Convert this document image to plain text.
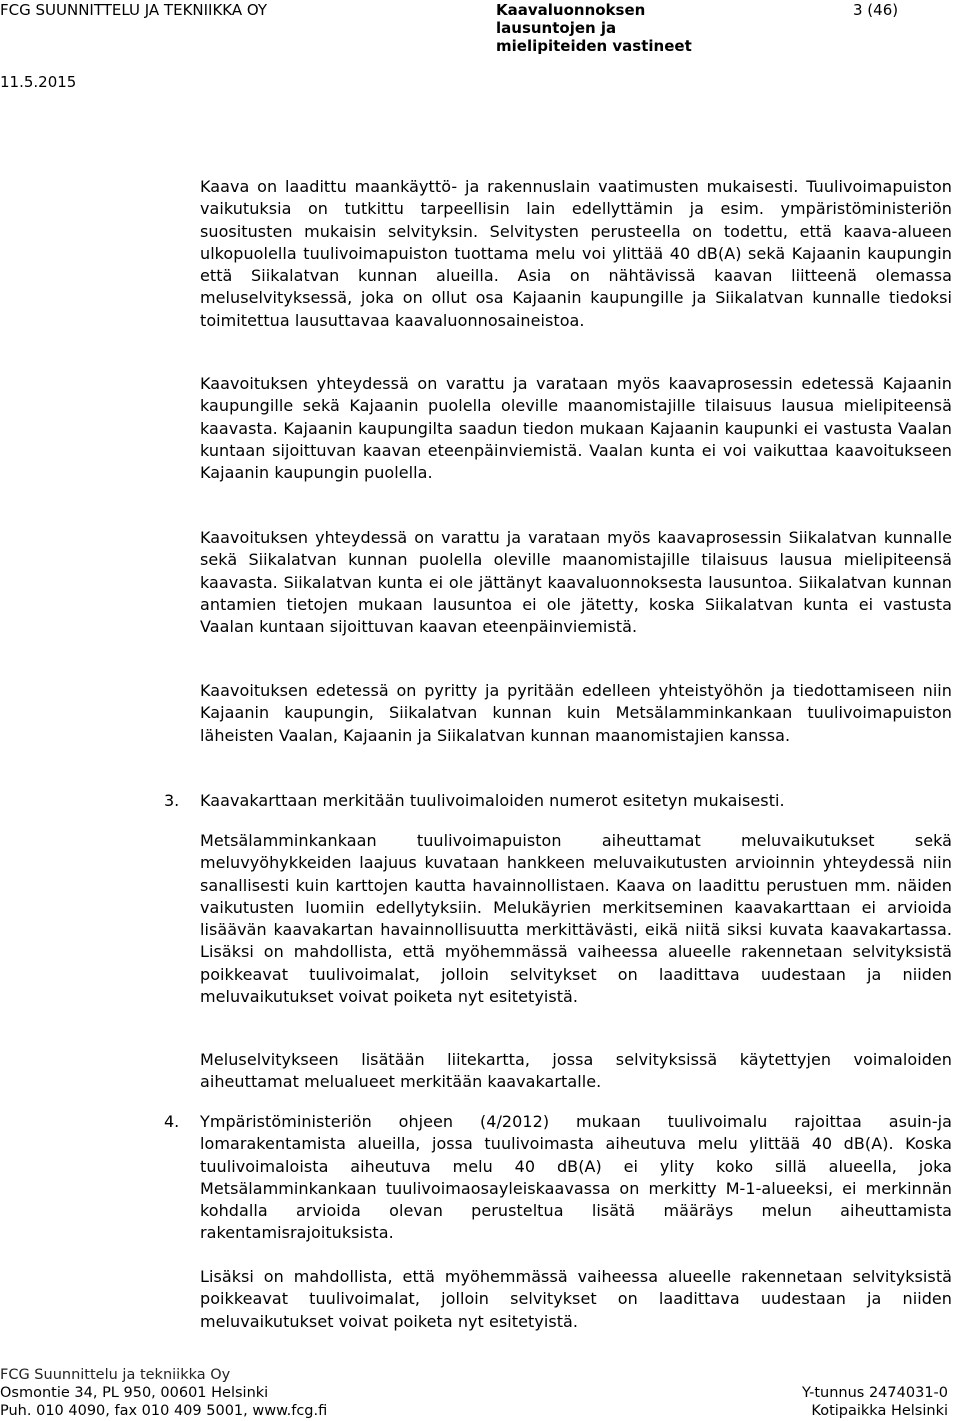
FCG SUUNNITTELU JA TEKNIIKKA OY	Kaavaluonnoksen
lausuntojen ja
mielipiteiden vastineet
3 (46)
11.5.2015
Kaava on laadittu maankäyttö- ja rakennuslain vaatimusten mukaisesti. Tuulivoimapuiston vaikutuksia on tutkittu tarpeellisin lain edellyttämin ja esim. ympäristöministeriön suositusten mukaisin selvityksin. Selvitysten perusteella on todettu, että kaava-alueen ulkopuolella tuulivoimapuiston tuottama melu voi ylittää 40 dB(A) sekä Kajaanin kaupungin että Siikalatvan kunnan alueilla. Asia on nähtävissä kaavan liitteenä olemassa meluselvityksessä, joka on ollut osa Kajaanin kaupungille ja Siikalatvan kunnalle tiedoksi toimitettua lausuttavaa kaavaluonnosaineistoa.
Kaavoituksen yhteydessä on varattu ja varataan myös kaavaprosessin edetessä Kajaanin kaupungille sekä Kajaanin puolella oleville maanomistajille tilaisuus lausua mielipiteensä kaavasta. Kajaanin kaupungilta saadun tiedon mukaan Kajaanin kaupunki ei vastusta Vaalan kuntaan sijoittuvan kaavan eteenpäinviemistä. Vaalan kunta ei voi vaikuttaa kaavoitukseen Kajaanin kaupungin puolella.
Kaavoituksen yhteydessä on varattu ja varataan myös kaavaprosessin Siikalatvan kunnalle sekä Siikalatvan kunnan puolella oleville maanomistajille tilaisuus lausua mielipiteensä kaavasta. Siikalatvan kunta ei ole jättänyt kaavaluonnoksesta lausuntoa. Siikalatvan kunnan antamien tietojen mukaan lausuntoa ei ole jätetty, koska Siikalatvan kunta ei vastusta Vaalan kuntaan sijoittuvan kaavan eteenpäinviemistä.
Kaavoituksen edetessä on pyritty ja pyritään edelleen yhteistyöhön ja tiedottamiseen niin Kajaanin kaupungin, Siikalatvan kunnan kuin Metsälamminkankaan tuulivoimapuiston läheisten Vaalan, Kajaanin ja Siikalatvan kunnan maanomistajien kanssa.
3. Kaavakarttaan merkitään tuulivoimaloiden numerot esitetyn mukaisesti.
Metsälamminkankaan tuulivoimapuiston aiheuttamat meluvaikutukset sekä meluvyöhykkeiden laajuus kuvataan hankkeen meluvaikutusten arvioinnin yhteydessä niin sanallisesti kuin karttojen kautta havainnollistaen. Kaava on laadittu perustuen mm. näiden vaikutusten luomiin edellytyksiin. Melukäyrien merkitseminen kaavakarttaan ei arvioida lisäävän kaavakartan havainnollisuutta merkittävästi, eikä niitä siksi kuvata kaavakartassa. Lisäksi on mahdollista, että myöhemmässä vaiheessa alueelle rakennetaan selvityksistä poikkeavat tuulivoimalat, jolloin selvitykset on laadittava uudestaan ja niiden meluvaikutukset voivat poiketa nyt esitetyistä.
Meluselvitykseen lisätään liitekartta, jossa selvityksissä käytettyjen voimaloiden aiheuttamat melualueet merkitään kaavakartalle.
4. Ympäristöministeriön ohjeen (4/2012) mukaan tuulivoimalu rajoittaa asuin-ja lomarakentamista alueilla, jossa tuulivoimasta aiheutuva melu ylittää 40 dB(A). Koska tuulivoimaloista aiheutuva melu 40 dB(A) ei ylity koko sillä alueella, joka Metsälamminkankaan tuulivoimaosayleiskaavassa on merkitty M-1-alueeksi, ei merkinnän kohdalla arvioida olevan perusteltua lisätä määräys melun aiheuttamista rakentamisrajoituksista.
Lisäksi on mahdollista, että myöhemmässä vaiheessa alueelle rakennetaan selvityksistä poikkeavat tuulivoimalat, jolloin selvitykset on laadittava uudestaan ja niiden meluvaikutukset voivat poiketa nyt esitetyistä.
FCG Suunnittelu ja tekniikka Oy
Osmontie 34, PL 950, 00601 Helsinki
Puh. 010 4090, fax 010 409 5001, www.fcg.fi
Y-tunnus 2474031-0
Kotipaikka Helsinki
